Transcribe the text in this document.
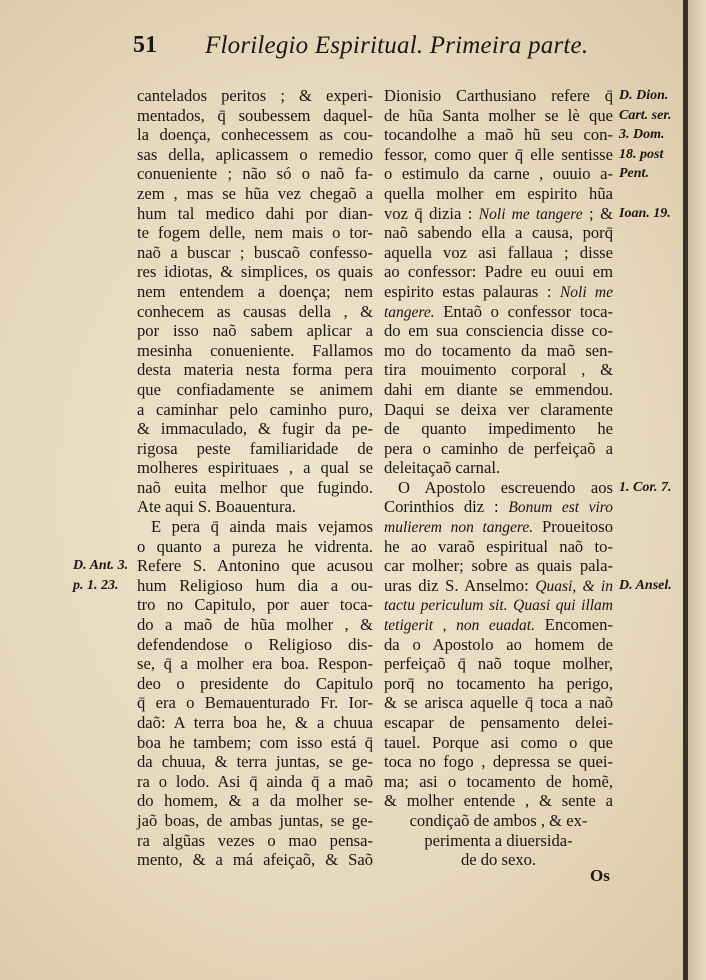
51 Florilegio Espiritual. Primeira parte.
cantelados peritos ; & experi-
mentados, q̄ soubessem daquel-
la doença, conhecessem as cou-
sas della, aplicassem o remedio
conueniente ; não só o naõ fa-
zem , mas se hũa vez chegaõ a
hum tal medico dahi por dian-
te fogem delle, nem mais o tor-
naõ a buscar ; buscaõ confesso-
res idiotas, & simplices, os quais
nem entendem a doença; nem
conhecem as causas della , &
por isso naõ sabem aplicar a
mesinha conueniente. Fallamos
desta materia nesta forma pera
que confiadamente se animem
a caminhar pelo caminho puro,
& immaculado, & fugir da pe-
rigosa peste familiaridade de
molheres espirituaes , a qual se
naõ euita melhor que fugindo.
Ate aqui S. Boauentura.
E pera q̄ ainda mais vejamos
o quanto a pureza he vidrenta.
Refere S. Antonino que acusou
D. Ant. 3.
hum Religioso hum dia a ou-
p. 1. 23.
tro no Capitulo, por auer toca-
do a maõ de hũa molher , &
defendendose o Religioso dis-
se, q̄ a molher era boa. Respon-
deo o presidente do Capitulo
q̄ era o Bemauenturado Fr. Ior-
daõ: A terra boa he, & a chuua
boa he tambem; com isso está q̄
da chuua, & terra juntas, se ge-
ra o lodo. Asi q̄ ainda q̄ a maõ
do homem, & a da molher se-
jaõ boas, de ambas juntas, se ge-
ra algũas vezes o mao pensa-
mento, & a má afeiçaõ, & Saõ
Dionisio Carthusiano refere q̄ D. Dion.
de hũa Santa molher se lè que Cart. ser.
tocandolhe a maõ hũ seu con- 3. Dom.
fessor, como quer q̄ elle sentisse 18. post
o estimulo da carne , ouuio a- Pent.
quella molher em espirito hũa
voz q̄ dizia : Noli me tangere ; & Ioan. 19.
naõ sabendo ella a causa, porq̄
aquella voz asi fallaua ; disse
ao confessor: Padre eu ouui em
espirito estas palauras : Noli me
tangere. Entaõ o confessor toca-
do em sua consciencia disse co-
mo do tocamento da maõ sen-
tira mouimento corporal , &
dahi em diante se emmendou.
Daqui se deixa ver claramente
de quanto impedimento he
pera o caminho de perfeiçaõ a
deleitaçaõ carnal.
O Apostolo escreuendo aos 1. Cor. 7.
Corinthios diz : Bonum est viro
mulierem non tangere. Proueitoso
he ao varaõ espiritual naõ to-
car molher; sobre as quais pala-
uras diz S. Anselmo: Quasi, & in D. Ansel.
tactu periculum sit. Quasi qui illam
tetigerit , non euadat. Encomen-
da o Apostolo ao homem de
perfeiçaõ q̄ naõ toque molher,
porq̄ no tocamento ha perigo,
& se arisca aquelle q̄ toca a naõ
escapar de pensamento delei-
tauel. Porque asi como o que
toca no fogo , depressa se quei-
ma; asi o tocamento de homẽ,
& molher entende , & sente a
condiçaõ de ambos , & ex-
perimenta a diuersida-
de do sexo.
Os
